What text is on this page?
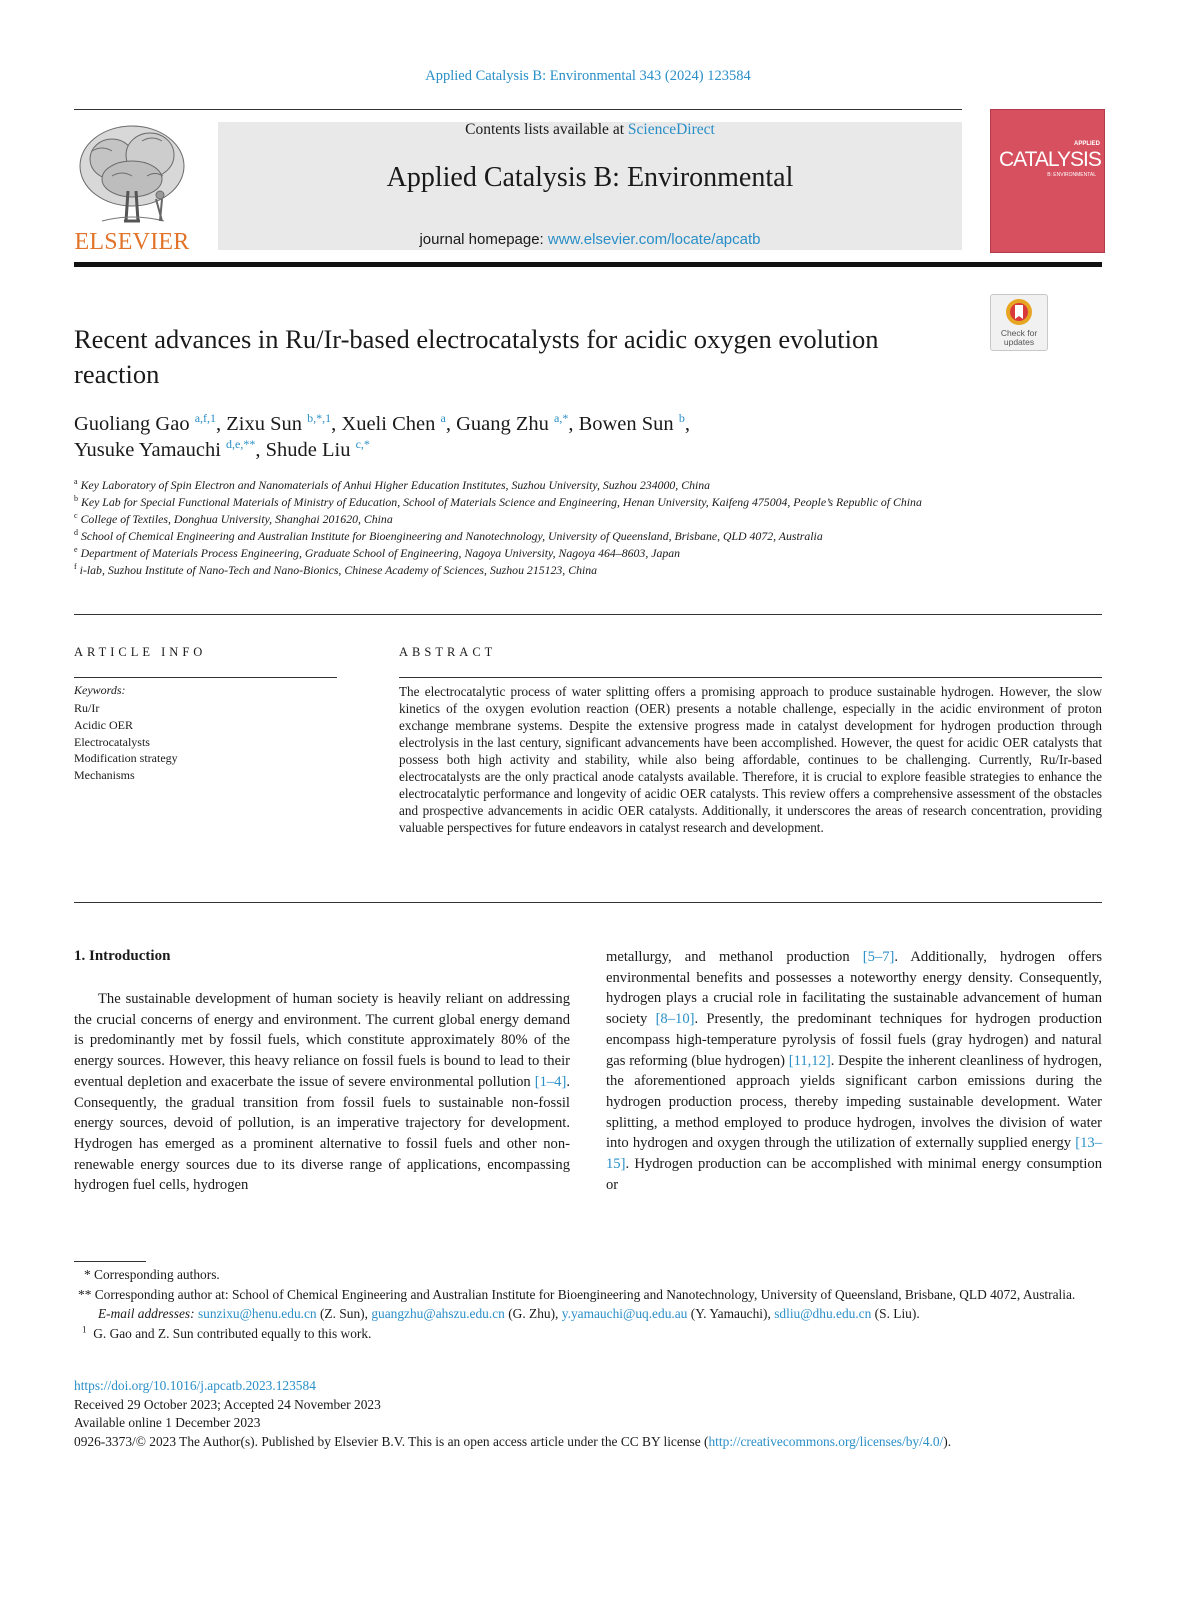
Applied Catalysis B: Environmental 343 (2024) 123584
ELSEVIER
Contents lists available at ScienceDirect
Applied Catalysis B: Environmental
journal homepage: www.elsevier.com/locate/apcatb
APPLIED
CATALYSIS
B: ENVIRONMENTAL
Check for
updates
Recent advances in Ru/Ir-based electrocatalysts for acidic oxygen evolution reaction
Guoliang Gao $^{a,f,1}$, Zixu Sun $^{b,*,1}$, Xueli Chen $^a$, Guang Zhu $^{a,*}$, Bowen Sun $^b$,
Yusuke Yamauchi $^{d,e,**}$, Shude Liu $^{c,*}$
$^a$ Key Laboratory of Spin Electron and Nanomaterials of Anhui Higher Education Institutes, Suzhou University, Suzhou 234000, China
$^b$ Key Lab for Special Functional Materials of Ministry of Education, School of Materials Science and Engineering, Henan University, Kaifeng 475004, People’s Republic of China
$^c$ College of Textiles, Donghua University, Shanghai 201620, China
$^d$ School of Chemical Engineering and Australian Institute for Bioengineering and Nanotechnology, University of Queensland, Brisbane, QLD 4072, Australia
$^e$ Department of Materials Process Engineering, Graduate School of Engineering, Nagoya University, Nagoya 464–8603, Japan
$^f$ i-lab, Suzhou Institute of Nano-Tech and Nano-Bionics, Chinese Academy of Sciences, Suzhou 215123, China
ARTICLE INFO
Keywords:
Ru/Ir
Acidic OER
Electrocatalysts
Modification strategy
Mechanisms
ABSTRACT
The electrocatalytic process of water splitting offers a promising approach to produce sustainable hydrogen. However, the slow kinetics of the oxygen evolution reaction (OER) presents a notable challenge, especially in the acidic environment of proton exchange membrane systems. Despite the extensive progress made in catalyst development for hydrogen production through electrolysis in the last century, significant advancements have been accomplished. However, the quest for acidic OER catalysts that possess both high activity and stability, while also being affordable, continues to be challenging. Currently, Ru/Ir-based electrocatalysts are the only practical anode catalysts available. Therefore, it is crucial to explore feasible strategies to enhance the electrocatalytic performance and longevity of acidic OER catalysts. This review offers a comprehensive assessment of the obstacles and prospective advancements in acidic OER catalysts. Additionally, it underscores the areas of research concentration, providing valuable perspectives for future endeavors in catalyst research and development.
1. Introduction
The sustainable development of human society is heavily reliant on addressing the crucial concerns of energy and environment. The current global energy demand is predominantly met by fossil fuels, which constitute approximately 80% of the energy sources. However, this heavy reliance on fossil fuels is bound to lead to their eventual depletion and exacerbate the issue of severe environmental pollution [1–4]. Consequently, the gradual transition from fossil fuels to sustainable non-fossil energy sources, devoid of pollution, is an imperative trajectory for development. Hydrogen has emerged as a prominent alternative to fossil fuels and other non-renewable energy sources due to its diverse range of applications, encompassing hydrogen fuel cells, hydrogen
metallurgy, and methanol production [5–7]. Additionally, hydrogen offers environmental benefits and possesses a noteworthy energy density. Consequently, hydrogen plays a crucial role in facilitating the sustainable advancement of human society [8–10]. Presently, the predominant techniques for hydrogen production encompass high-temperature pyrolysis of fossil fuels (gray hydrogen) and natural gas reforming (blue hydrogen) [11,12]. Despite the inherent cleanliness of hydrogen, the aforementioned approach yields significant carbon emissions during the hydrogen production process, thereby impeding sustainable development. Water splitting, a method employed to produce hydrogen, involves the division of water into hydrogen and oxygen through the utilization of externally supplied energy [13–15]. Hydrogen production can be accomplished with minimal energy consumption or
* Corresponding authors.
** Corresponding author at: School of Chemical Engineering and Australian Institute for Bioengineering and Nanotechnology, University of Queensland, Brisbane, QLD 4072, Australia.
E-mail addresses: sunzixu@henu.edu.cn (Z. Sun), guangzhu@ahszu.edu.cn (G. Zhu), y.yamauchi@uq.edu.au (Y. Yamauchi), sdliu@dhu.edu.cn (S. Liu).
$^1$ G. Gao and Z. Sun contributed equally to this work.
https://doi.org/10.1016/j.apcatb.2023.123584
Received 29 October 2023; Accepted 24 November 2023
Available online 1 December 2023
0926-3373/© 2023 The Author(s). Published by Elsevier B.V. This is an open access article under the CC BY license (http://creativecommons.org/licenses/by/4.0/).
